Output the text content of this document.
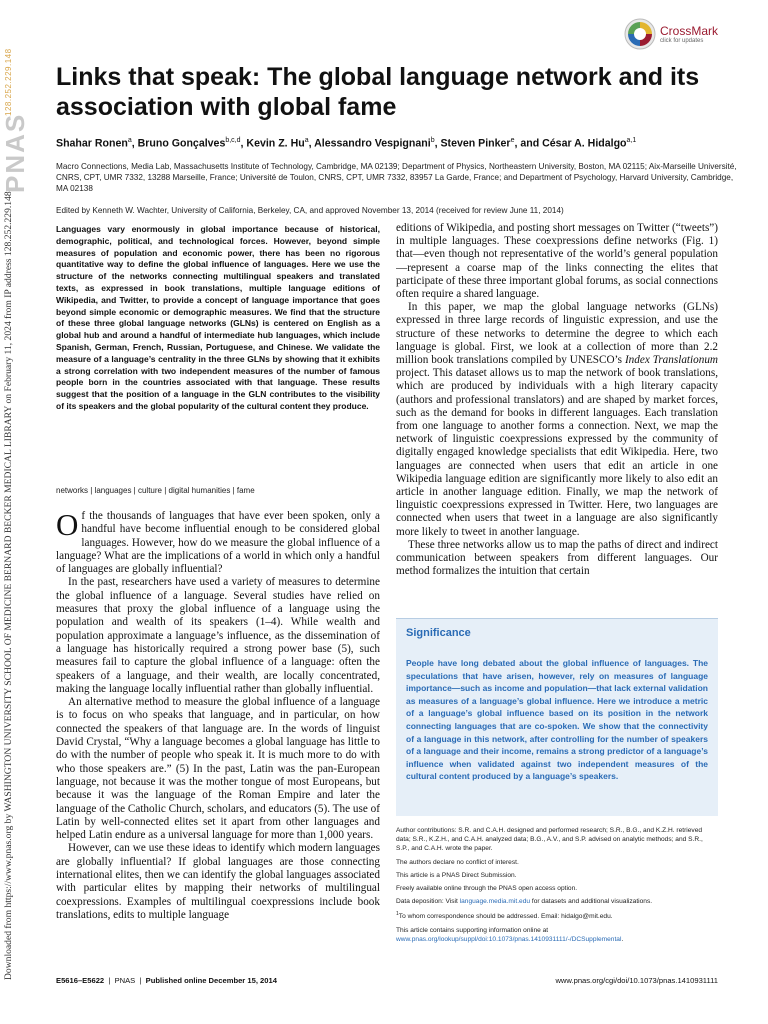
Downloaded from https://www.pnas.org by WASHINGTON UNIVERSITY SCHOOL OF MEDICINE BERNARD BECKER MEDICAL LIBRARY on February 11, 2024 from IP address 128.252.229.148.
PNAS
128.252.229.148
CrossMark
click for updates
Links that speak: The global language network and its association with global fame
Shahar Ronen$^a$, Bruno Gonçalves$^{b,c,d}$, Kevin Z. Hu$^a$, Alessandro Vespignani$^b$, Steven Pinker$^e$, and César A. Hidalgo$^{a,1}$
Macro Connections, Media Lab, Massachusetts Institute of Technology, Cambridge, MA 02139; Department of Physics, Northeastern University, Boston, MA 02115; Aix-Marseille Université, CNRS, CPT, UMR 7332, 13288 Marseille, France; Université de Toulon, CNRS, CPT, UMR 7332, 83957 La Garde, France; and Department of Psychology, Harvard University, Cambridge, MA 02138
Edited by Kenneth W. Wachter, University of California, Berkeley, CA, and approved November 13, 2014 (received for review June 11, 2014)
Languages vary enormously in global importance because of historical, demographic, political, and technological forces. However, beyond simple measures of population and economic power, there has been no rigorous quantitative way to define the global influence of languages. Here we use the structure of the networks connecting multilingual speakers and translated texts, as expressed in book translations, multiple language editions of Wikipedia, and Twitter, to provide a concept of language importance that goes beyond simple economic or demographic measures. We find that the structure of these three global language networks (GLNs) is centered on English as a global hub and around a handful of intermediate hub languages, which include Spanish, German, French, Russian, Portuguese, and Chinese. We validate the measure of a language’s centrality in the three GLNs by showing that it exhibits a strong correlation with two independent measures of the number of famous people born in the countries associated with that language. These results suggest that the position of a language in the GLN contributes to the visibility of its speakers and the global popularity of the cultural content they produce.
networks | languages | culture | digital humanities | fame

Of the thousands of languages that have ever been spoken, only a handful have become influential enough to be considered global languages. However, how do we measure the global influence of a language? What are the implications of a world in which only a handful of languages are globally influential?

In the past, researchers have used a variety of measures to determine the global influence of a language. Several studies have relied on measures that proxy the global influence of a language using the population and wealth of its speakers (1–4). While wealth and population approximate a language’s influence, as the dissemination of a language has historically required a strong power base (5), such measures fail to capture the global influence of a language: often the speakers of a language, and their wealth, are locally concentrated, making the language locally influential rather than globally influential.

An alternative method to measure the global influence of a language is to focus on who speaks that language, and in particular, on how connected the speakers of that language are. In the words of linguist David Crystal, “Why a language becomes a global language has little to do with the number of people who speak it. It is much more to do with who those speakers are.” (5) In the past, Latin was the pan-European language, not because it was the mother tongue of most Europeans, but because it was the language of the Roman Empire and later the language of the Catholic Church, scholars, and educators (5). The use of Latin by well-connected elites set it apart from other languages and helped Latin endure as a universal language for more than 1,000 years.

However, can we use these ideas to identify which modern languages are globally influential? If global languages are those connecting international elites, then we can identify the global languages associated with particular elites by mapping their networks of multilingual coexpressions. Examples of multilingual coexpressions include book translations, edits to multiple language

editions of Wikipedia, and posting short messages on Twitter (“tweets”) in multiple languages. These coexpressions define networks (Fig. 1) that—even though not representative of the world’s general population—represent a coarse map of the links connecting the elites that participate of these three important global forums, as social connections often require a shared language.

In this paper, we map the global language networks (GLNs) expressed in three large records of linguistic expression, and use the structure of these networks to determine the degree to which each language is global. First, we look at a collection of more than 2.2 million book translations compiled by UNESCO’s Index Translationum project. This dataset allows us to map the network of book translations, which are produced by individuals with a high literary capacity (authors and professional translators) and are shaped by market forces, such as the demand for books in different languages. Each translation from one language to another forms a connection. Next, we map the network of linguistic coexpressions expressed by the community of digitally engaged knowledge specialists that edit Wikipedia. Here, two languages are connected when users that edit an article in one Wikipedia language edition are significantly more likely to also edit an article in another language edition. Finally, we map the network of linguistic coexpressions expressed in Twitter. Here, two languages are connected when users that tweet in a language are also significantly more likely to tweet in another language.

These three networks allow us to map the paths of direct and indirect communication between speakers from different languages. Our method formalizes the intuition that certain

Significance
People have long debated about the global influence of languages. The speculations that have arisen, however, rely on measures of language importance—such as income and population—that lack external validation as measures of a language’s global influence. Here we introduce a metric of a language’s global influence based on its position in the network connecting languages that are co-spoken. We show that the connectivity of a language in this network, after controlling for the number of speakers of a language and their income, remains a strong predictor of a language’s influence when validated against two independent measures of the cultural content produced by a language’s speakers.

Author contributions: S.R. and C.A.H. designed and performed research; S.R., B.G., and K.Z.H. retrieved data; S.R., K.Z.H., and C.A.H. analyzed data; B.G., A.V., and S.P. advised on analytic methods; and S.R., S.P., and C.A.H. wrote the paper.

The authors declare no conflict of interest.

This article is a PNAS Direct Submission.

Freely available online through the PNAS open access option.

Data deposition: Visit language.media.mit.edu for datasets and additional visualizations.

$^1$To whom correspondence should be addressed. Email: hidalgo@mit.edu.

This article contains supporting information online at www.pnas.org/lookup/suppl/doi:10.1073/pnas.1410931111/-/DCSupplemental.

E5616–E5622  |  PNAS  |  Published online December 15, 2014	www.pnas.org/cgi/doi/10.1073/pnas.1410931111
